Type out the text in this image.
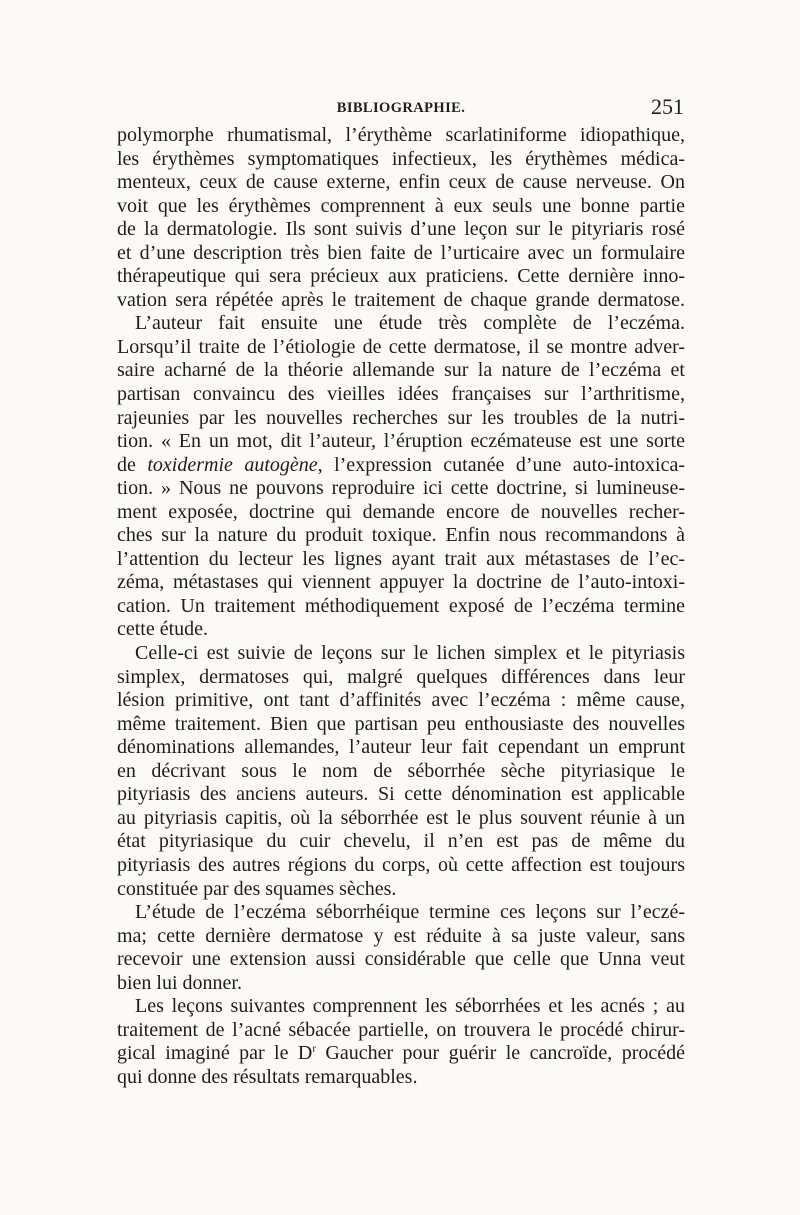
BIBLIOGRAPHIE.	251

polymorphe rhumatismal, l’érythème scarlatiniforme idiopathique,
les érythèmes symptomatiques infectieux, les érythèmes médica-
menteux, ceux de cause externe, enfin ceux de cause nerveuse. On
voit que les érythèmes comprennent à eux seuls une bonne partie
de la dermatologie. Ils sont suivis d’une leçon sur le pityriaris rosé
et d’une description très bien faite de l’urticaire avec un formulaire
thérapeutique qui sera précieux aux praticiens. Cette dernière inno-
vation sera répétée après le traitement de chaque grande dermatose.

L’auteur fait ensuite une étude très complète de l’eczéma.
Lorsqu’il traite de l’étiologie de cette dermatose, il se montre adver-
saire acharné de la théorie allemande sur la nature de l’eczéma et
partisan convaincu des vieilles idées françaises sur l’arthritisme,
rajeunies par les nouvelles recherches sur les troubles de la nutri-
tion. « En un mot, dit l’auteur, l’éruption eczémateuse est une sorte
de toxidermie autogène, l’expression cutanée d’une auto-intoxica-
tion. » Nous ne pouvons reproduire ici cette doctrine, si lumineuse-
ment exposée, doctrine qui demande encore de nouvelles recher-
ches sur la nature du produit toxique. Enfin nous recommandons à
l’attention du lecteur les lignes ayant trait aux métastases de l’ec-
zéma, métastases qui viennent appuyer la doctrine de l’auto-intoxi-
cation. Un traitement méthodiquement exposé de l’eczéma termine
cette étude.

Celle-ci est suivie de leçons sur le lichen simplex et le pityriasis
simplex, dermatoses qui, malgré quelques différences dans leur
lésion primitive, ont tant d’affinités avec l’eczéma : même cause,
même traitement. Bien que partisan peu enthousiaste des nouvelles
dénominations allemandes, l’auteur leur fait cependant un emprunt
en décrivant sous le nom de séborrhée sèche pityriasique le
pityriasis des anciens auteurs. Si cette dénomination est applicable
au pityriasis capitis, où la séborrhée est le plus souvent réunie à un
état pityriasique du cuir chevelu, il n’en est pas de même du
pityriasis des autres régions du corps, où cette affection est toujours
constituée par des squames sèches.

L’étude de l’eczéma séborrhéique termine ces leçons sur l’eczé-
ma; cette dernière dermatose y est réduite à sa juste valeur, sans
recevoir une extension aussi considérable que celle que Unna veut
bien lui donner.

Les leçons suivantes comprennent les séborrhées et les acnés ; au
traitement de l’acné sébacée partielle, on trouvera le procédé chirur-
gical imaginé par le $D^r$ Gaucher pour guérir le cancroïde, procédé
qui donne des résultats remarquables.
